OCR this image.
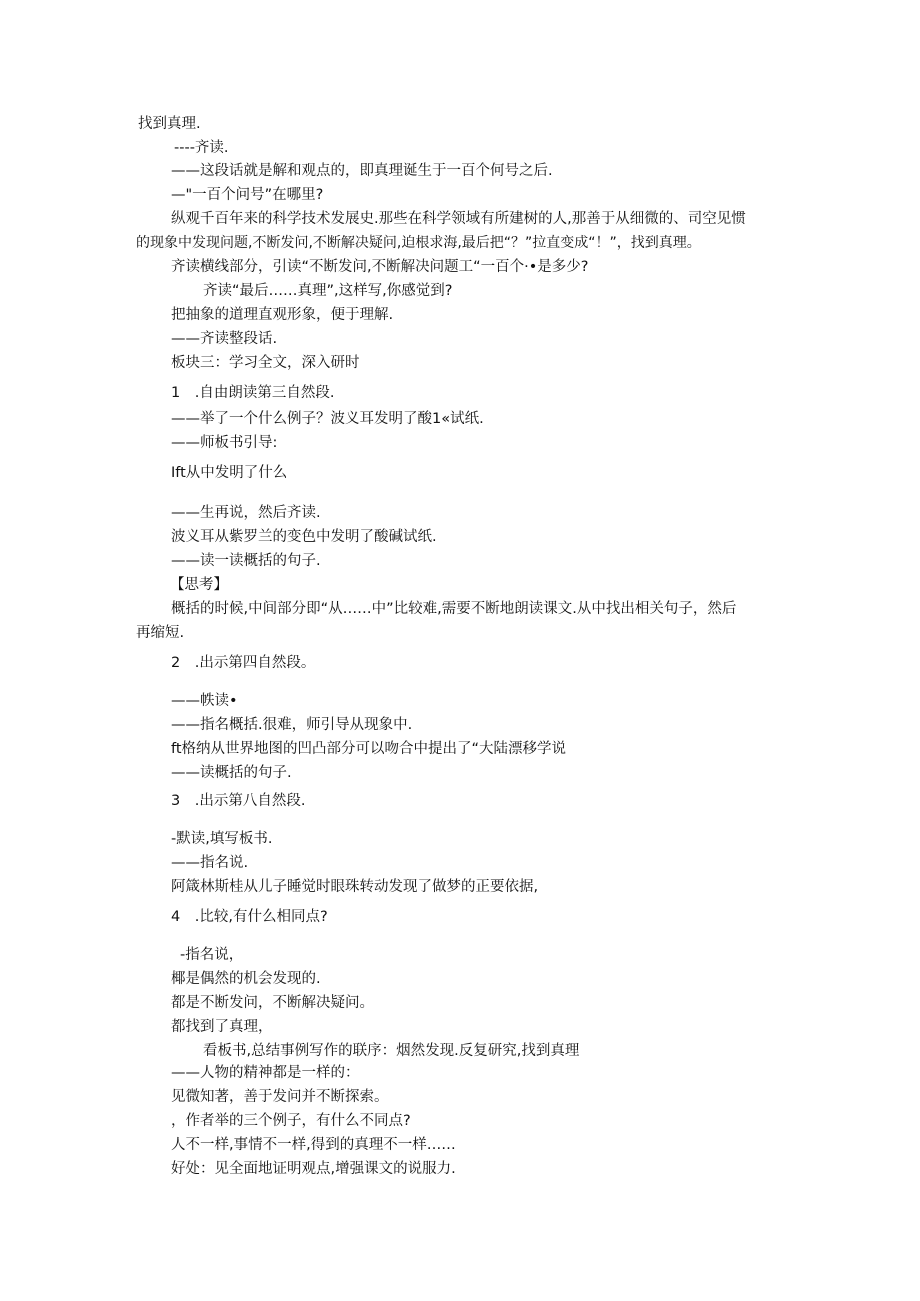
找到真理.

----齐读.

——这段话就是解和观点的，即真理诞生于一百个何号之后.

—"一百个问号”在哪里?

纵观千百年来的科学技术发展史.那些在科学领域有所建树的人,那善于从细微的、司空见惯

的现象中发现问题,不断发问,不断解决疑问,迫根求海,最后把“？”拉直变成“！”，找到真理。

齐读横线部分，引读“不断发问,不断解决问题工“一百个·•是多少?

齐读“最后……真理”,这样写,你感觉到?

把抽象的道理直观形象，便于理解.

——齐读整段话.

板块三：学习全文，深入研时

1　.自由朗读第三自然段.

——举了一个什么例子？波义耳发明了酸1«试纸.

——师板书引导:

Ift从中发明了什么

——生再说，然后齐读.

波义耳从紫罗兰的变色中发明了酸碱试纸.

——读一读概括的句子.

【思考】

概括的时候,中间部分即“从……中”比较难,需要不断地朗读课文.从中找出相关句子，然后

再缩短.

2　.出示第四自然段。

——帙读•

——指名概括.很难，师引导从现象中.

ft格纳从世界地图的凹凸部分可以吻合中提出了“大陆漂移学说

——读概括的句子.

3　.出示第八自然段.

-默读,填写板书.

——指名说.

阿箴林斯桂从儿子睡觉时眼珠转动发现了做梦的正要依据,

4　.比较,有什么相同点?

-指名说，

椰是偶然的机会发现的.

都是不断发问，不断解决疑问。

都找到了真理，

看板书,总结事例写作的联序：烟然发现.反复研究,找到真理

——人物的精神都是一样的：

见微知著，善于发问并不断探索。

，作者举的三个例子，有什么不同点?

人不一样,事情不一样,得到的真理不一样……

好处：见全面地证明观点,增强课文的说服力.
